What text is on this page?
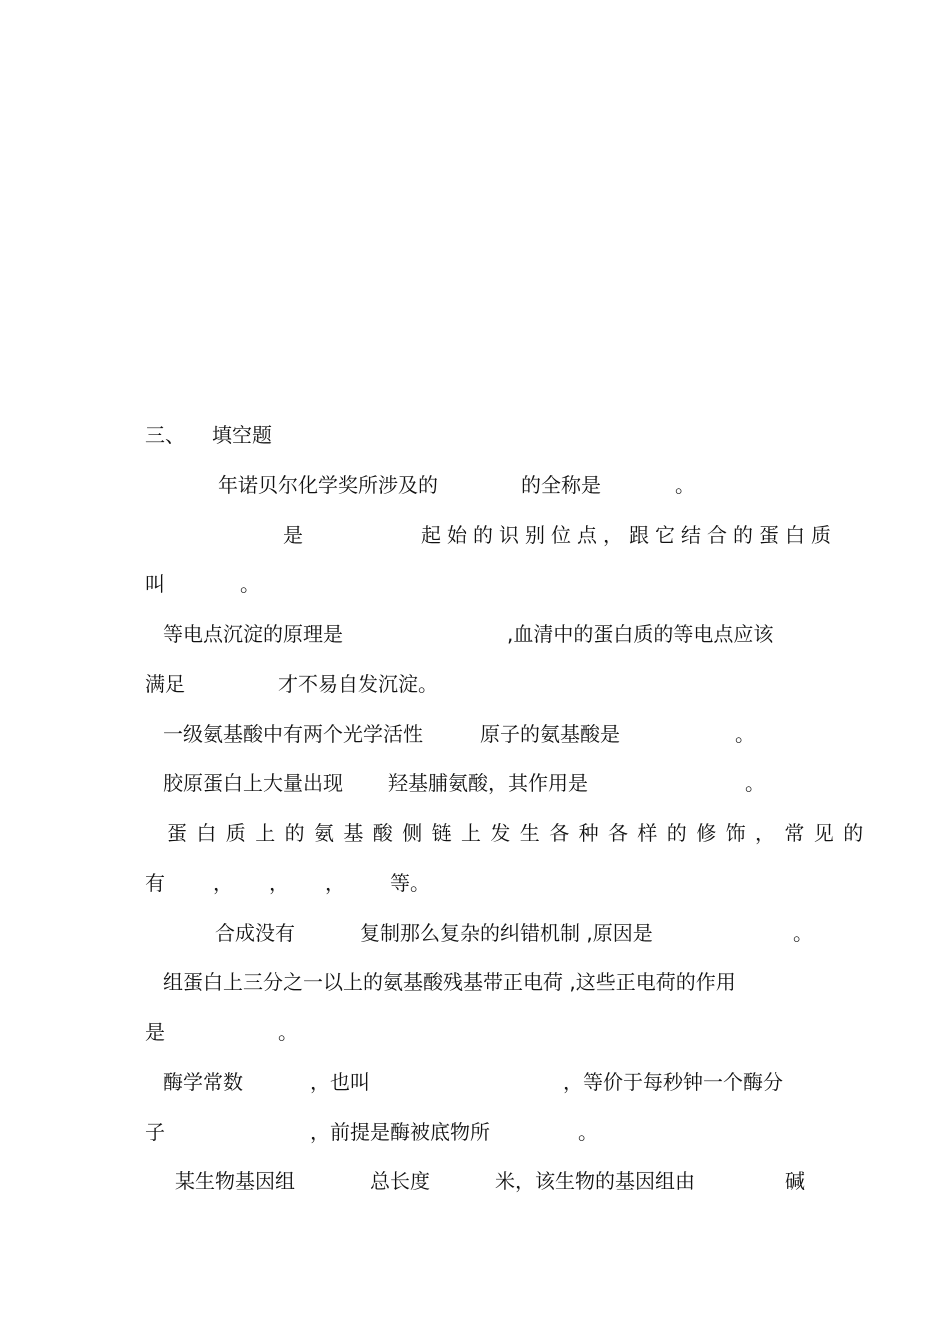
三、 填空题
年诺贝尔化学奖所涉及的	的全称是	。
是	起始的识别位点，跟它结合的蛋白质
叫	。
等电点沉淀的原理是	,血清中的蛋白质的等电点应该
满足	才不易自发沉淀。
一级氨基酸中有两个光学活性	原子的氨基酸是	。
胶原蛋白上大量出现 羟基脯氨酸，其作用是	。
蛋白质上的氨基酸侧链上发生各种各样的修饰，常见的
有 ， ， ， 等。
合成没有	复制那么复杂的纠错机制 ,原因是	。
组蛋白上三分之一以上的氨基酸残基带正电荷 ,这些正电荷的作用
是	。
酶学常数	，也叫	，等价于每秒钟一个酶分
子	，前提是酶被底物所	。
某生物基因组	总长度	米，该生物的基因组由	碱
